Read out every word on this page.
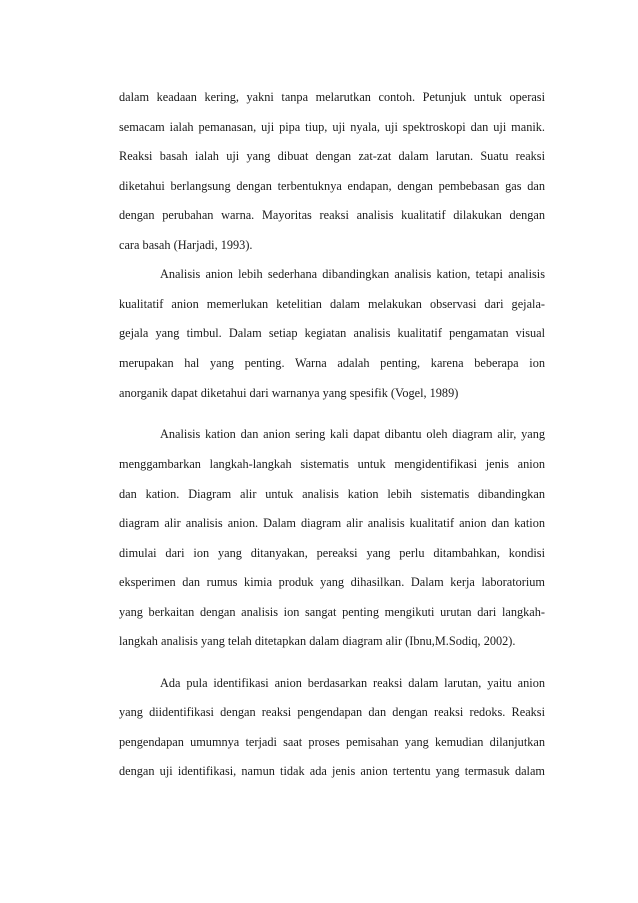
dalam keadaan kering, yakni tanpa melarutkan contoh. Petunjuk untuk operasi
semacam ialah pemanasan, uji pipa tiup, uji nyala, uji spektroskopi dan uji manik.
Reaksi basah ialah uji yang dibuat dengan zat-zat dalam larutan. Suatu reaksi
diketahui berlangsung dengan terbentuknya endapan, dengan pembebasan gas dan
dengan perubahan warna. Mayoritas reaksi analisis kualitatif dilakukan dengan
cara basah (Harjadi, 1993).
Analisis anion lebih sederhana dibandingkan analisis kation, tetapi analisis
kualitatif anion memerlukan ketelitian dalam melakukan observasi dari gejala-
gejala yang timbul. Dalam setiap kegiatan analisis kualitatif pengamatan visual
merupakan hal yang penting. Warna adalah penting, karena beberapa ion
anorganik dapat diketahui dari warnanya yang spesifik (Vogel, 1989)
Analisis kation dan anion sering kali dapat dibantu oleh diagram alir, yang
menggambarkan langkah-langkah sistematis untuk mengidentifikasi jenis anion
dan kation. Diagram alir untuk analisis kation lebih sistematis dibandingkan
diagram alir analisis anion. Dalam diagram alir analisis kualitatif anion dan kation
dimulai dari ion yang ditanyakan, pereaksi yang perlu ditambahkan, kondisi
eksperimen dan rumus kimia produk yang dihasilkan. Dalam kerja laboratorium
yang berkaitan dengan analisis ion sangat penting mengikuti urutan dari langkah-
langkah analisis yang telah ditetapkan dalam diagram alir (Ibnu,M.Sodiq, 2002).
Ada pula identifikasi anion berdasarkan reaksi dalam larutan, yaitu anion
yang diidentifikasi dengan reaksi pengendapan dan dengan reaksi redoks. Reaksi
pengendapan umumnya terjadi saat proses pemisahan yang kemudian dilanjutkan
dengan uji identifikasi, namun tidak ada jenis anion tertentu yang termasuk dalam
